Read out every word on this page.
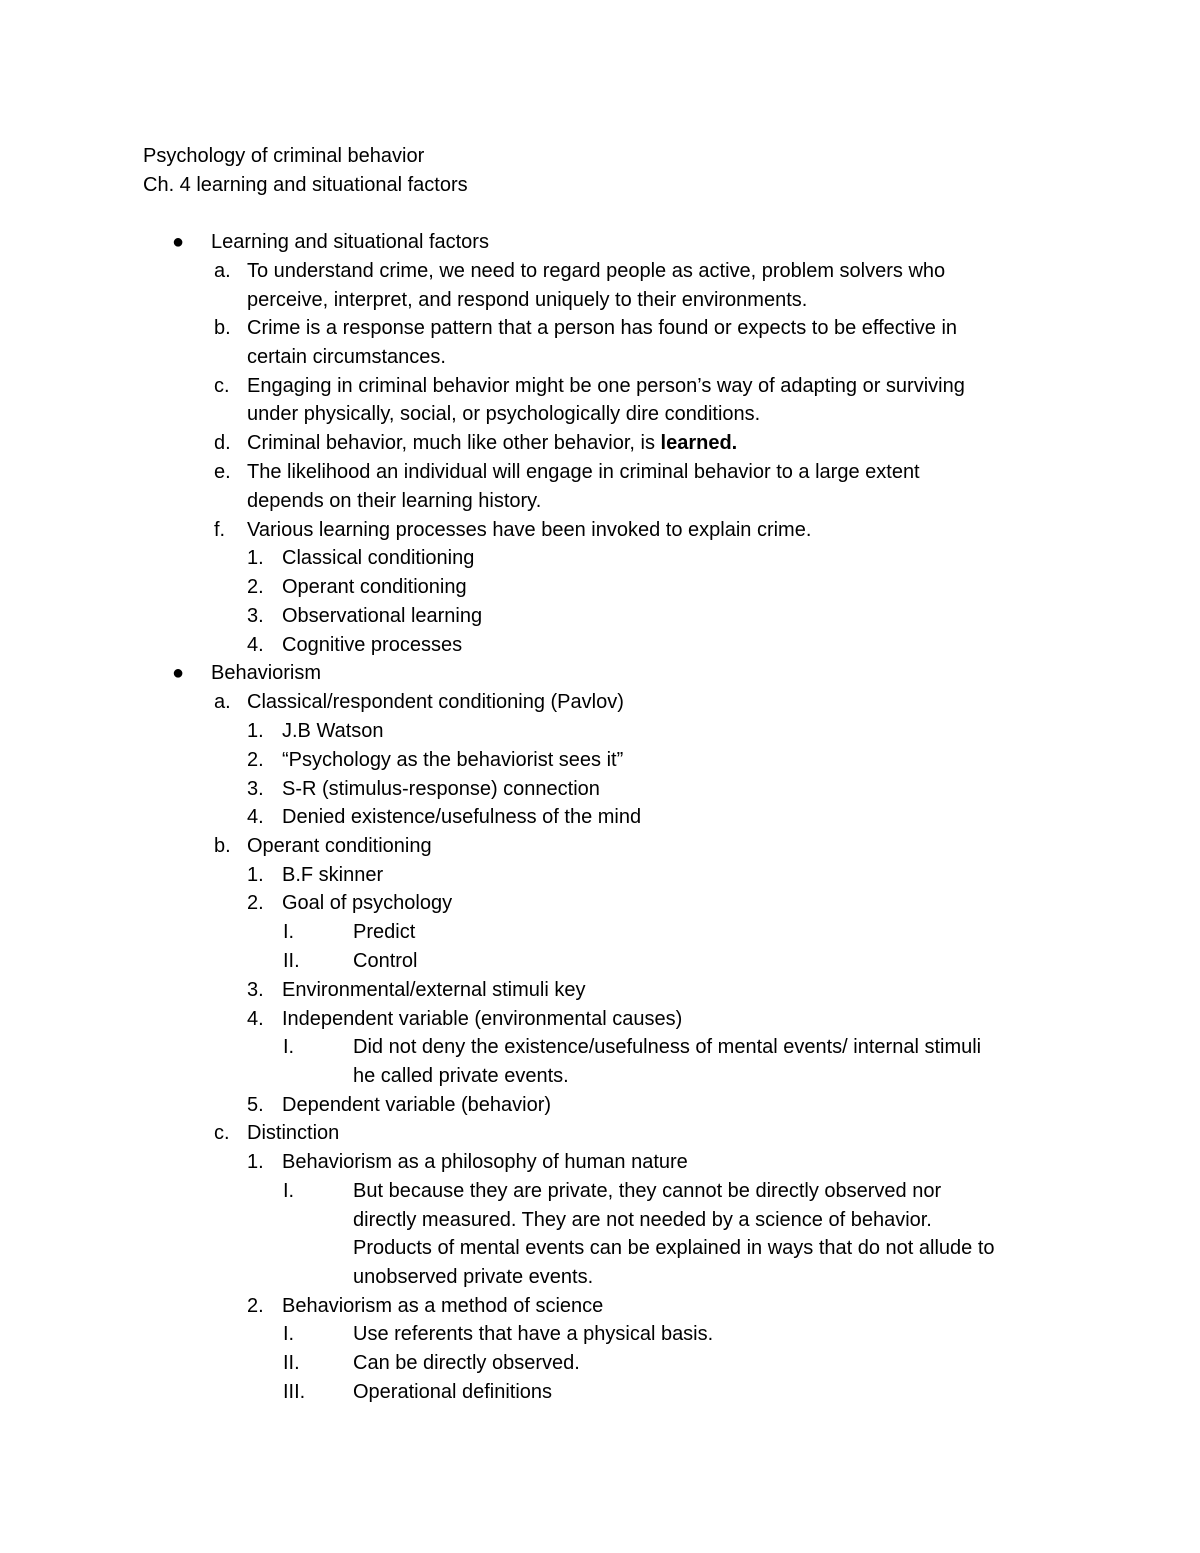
Psychology of criminal behavior
Ch. 4 learning and situational factors
● Learning and situational factors
a. To understand crime, we need to regard people as active, problem solvers who
perceive, interpret, and respond uniquely to their environments.
b. Crime is a response pattern that a person has found or expects to be effective in
certain circumstances.
c. Engaging in criminal behavior might be one person’s way of adapting or surviving
under physically, social, or psychologically dire conditions.
d. Criminal behavior, much like other behavior, is learned.
e. The likelihood an individual will engage in criminal behavior to a large extent
depends on their learning history.
f. Various learning processes have been invoked to explain crime.
1. Classical conditioning
2. Operant conditioning
3. Observational learning
4. Cognitive processes
● Behaviorism
a. Classical/respondent conditioning (Pavlov)
1. J.B Watson
2. “Psychology as the behaviorist sees it”
3. S-R (stimulus-response) connection
4. Denied existence/usefulness of the mind
b. Operant conditioning
1. B.F skinner
2. Goal of psychology
I.	Predict
II.	Control
3. Environmental/external stimuli key
4. Independent variable (environmental causes)
I.	Did not deny the existence/usefulness of mental events/ internal stimuli
he called private events.
5. Dependent variable (behavior)
c. Distinction
1. Behaviorism as a philosophy of human nature
I.	But because they are private, they cannot be directly observed nor
directly measured. They are not needed by a science of behavior.
Products of mental events can be explained in ways that do not allude to
unobserved private events.
2. Behaviorism as a method of science
I.	Use referents that have a physical basis.
II.	Can be directly observed.
III. Operational definitions
